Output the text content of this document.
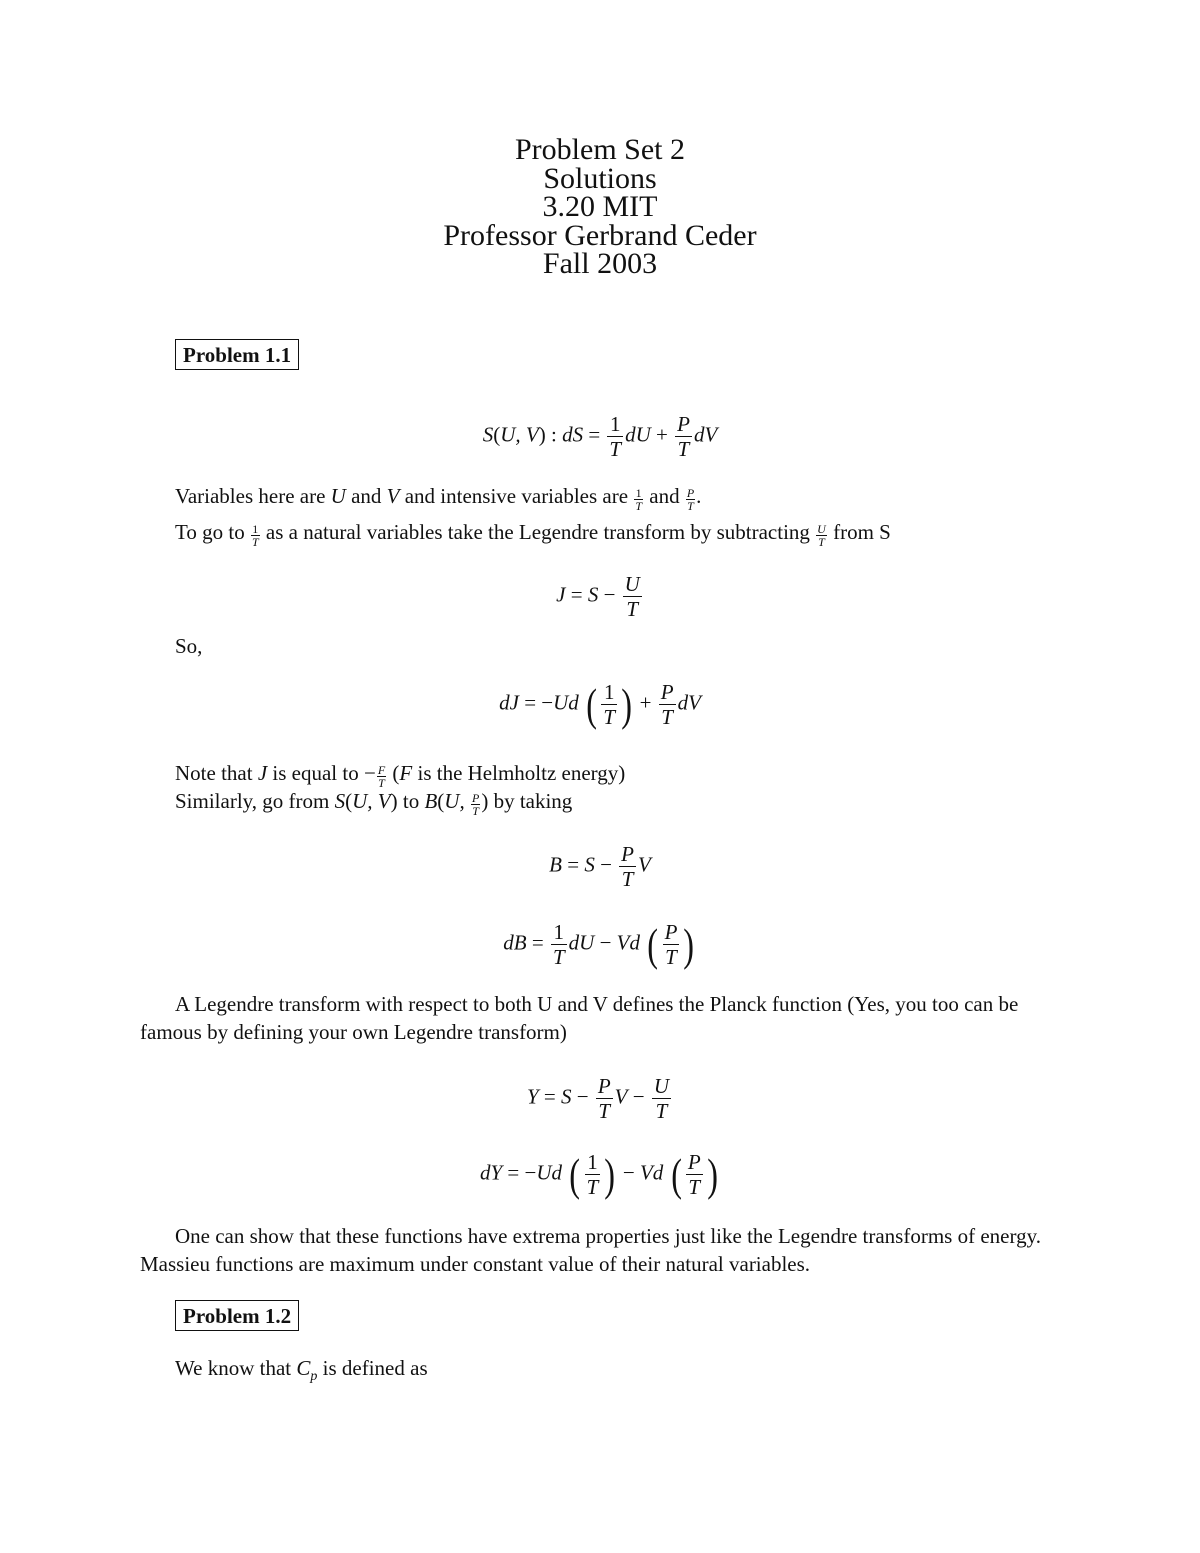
Problem Set 2
Solutions
3.20 MIT
Professor Gerbrand Ceder
Fall 2003
Problem 1.1
S(U, V) : dS = $\frac{1}{T}$ dU + $\frac{P}{T}$ dV
Variables here are U and V and intensive variables are $\frac{1}{T}$ and $\frac{P}{T}$ .
To go to $\frac{1}{T}$ as a natural variables take the Legendre transform by subtracting $\frac{U}{T}$ from S
$J = S - \frac{U}{T}$
So,
dJ = −Ud ( $\frac{1}{T}$ ) + $\frac{P}{T}$ dV
Note that J is equal to − $\frac{F}{T} (F$ is the Helmholtz energy)
Similarly, go from S(U, V) to B(U, $\frac{P}{T}$ ) by taking
$B = S - \frac{P}{T}$ V
dB = $\frac{1}{T}$ dU − Vd ( $\frac{P}{T}$ )
A Legendre transform with respect to both U and V defines the Planck function (Yes, you too can be famous by defining your own Legendre transform)
$Y = S - \frac{P}{T}$ $V - \frac{U}{T}$
dY = −Ud ( $\frac{1}{T}$ ) − Vd ( $\frac{P}{T}$ )
One can show that these functions have extrema properties just like the Legendre transforms of energy. Massieu functions are maximum under constant value of their natural variables.
Problem 1.2
We know that $C_p$ is defined as
